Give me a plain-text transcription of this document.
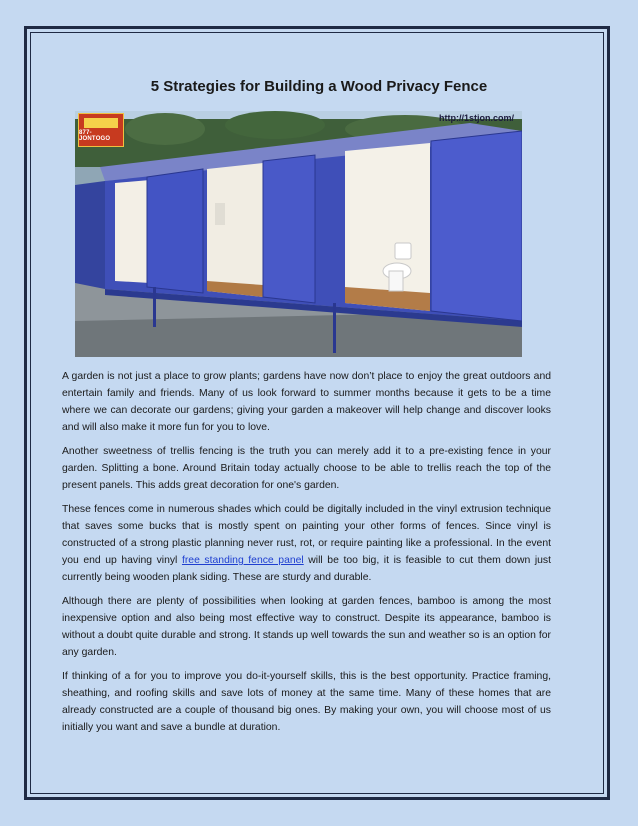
5 Strategies for Building a Wood Privacy Fence
877-JONTOGO
http://1stjon.com/

A garden is not just a place to grow plants; gardens have now don’t place to enjoy the great outdoors and entertain family and friends. Many of us look forward to summer months because it gets to be a time where we can decorate our gardens; giving your garden a makeover will help change and discover looks and will also make it more fun for you to love.

Another sweetness of trellis fencing is the truth you can merely add it to a pre-existing fence in your garden. Splitting a bone. Around Britain today actually choose to be able to trellis reach the top of the present panels. This adds great decoration for one's garden.

These fences come in numerous shades which could be digitally included in the vinyl extrusion technique that saves some bucks that is mostly spent on painting your other forms of fences. Since vinyl is constructed of a strong plastic planning never rust, rot, or require painting like a professional. In the event you end up having vinyl free standing fence panel will be too big, it is feasible to cut them down just currently being wooden plank siding. These are sturdy and durable.

Although there are plenty of possibilities when looking at garden fences, bamboo is among the most inexpensive option and also being most effective way to construct. Despite its appearance, bamboo is without a doubt quite durable and strong. It stands up well towards the sun and weather so is an option for any garden.

If thinking of a for you to improve you do-it-yourself skills, this is the best opportunity. Practice framing, sheathing, and roofing skills and save lots of money at the same time. Many of these homes that are already constructed are a couple of thousand big ones. By making your own, you will choose most of us initially you want and save a bundle at duration.
